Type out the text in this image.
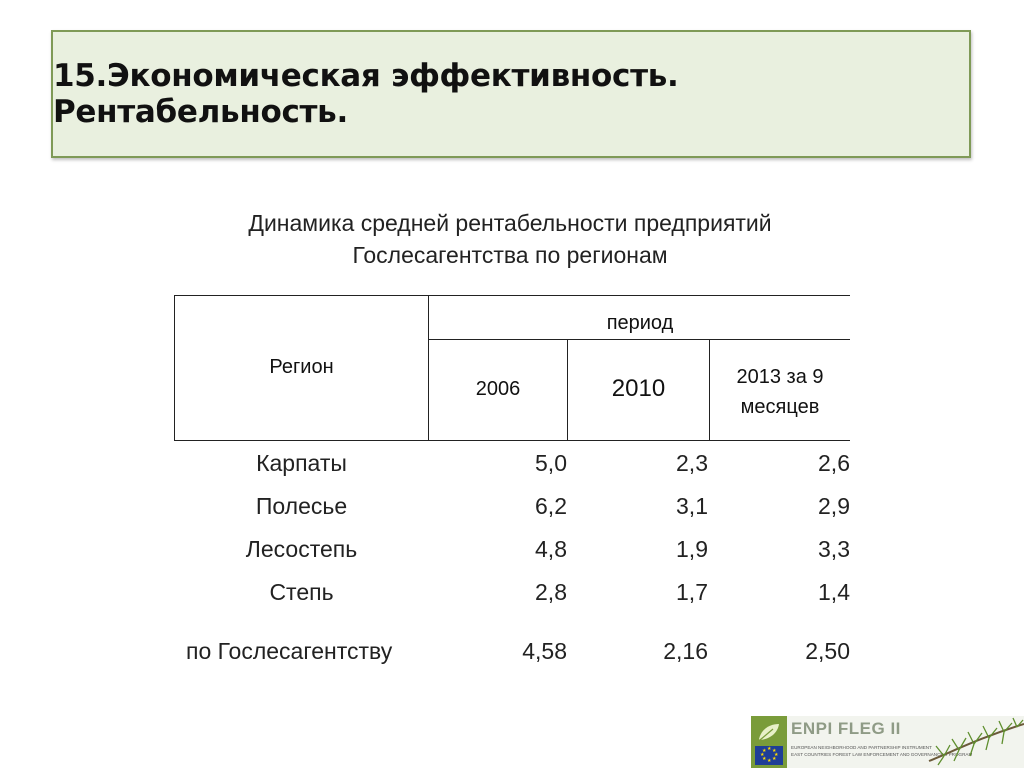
15.Экономическая эффективность. Рентабельность.
Динамика средней рентабельности предприятий
Гослесагентства по регионам
Регион
период
2006	2010	2013 за 9
месяцев
Карпаты	5,0	2,3	2,6
Полесье	6,2	3,1	2,9
Лесостепь	4,8	1,9	3,3
Степь	2,8	1,7	1,4
по Гослесагентству	4,58	2,16	2,50
★ ★
★
★
★
★
★
★
ENPI FLEG II
EUROPEAN NEIGHBORHOOD AND PARTNERSHIP INSTRUMENT
EAST COUNTRIES FOREST LAW ENFORCEMENT AND GOVERNANCE II PROGRAM
